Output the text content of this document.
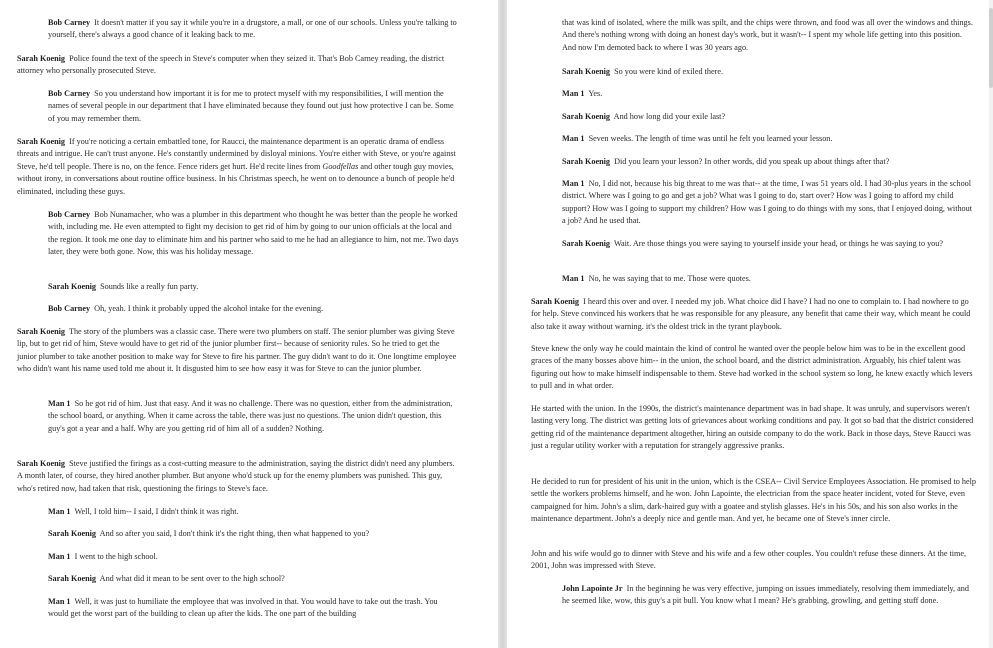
Bob Carney It doesn't matter if you say it while you're in a drugstore, a mall, or one of our schools. Unless you're talking to yourself, there's always a good chance of it leaking back to me.

Sarah Koenig Police found the text of the speech in Steve's computer when they seized it. That's Bob Carney reading, the district attorney who personally prosecuted Steve.

Bob Carney So you understand how important it is for me to protect myself with my responsibilities, I will mention the names of several people in our department that I have eliminated because they found out just how protective I can be. Some of you may remember them.

Sarah Koenig If you're noticing a certain embattled tone, for Raucci, the maintenance department is an operatic drama of endless threats and intrigue. He can't trust anyone. He's constantly undermined by disloyal minions. You're either with Steve, or you're against Steve, he'd tell people. There is no, on the fence. Fence riders get hurt. He'd recite lines from Goodfellas and other tough guy movies, without irony, in conversations about routine office business. In his Christmas speech, he went on to denounce a bunch of people he'd eliminated, including these guys.

Bob Carney Bob Nunamacher, who was a plumber in this department who thought he was better than the people he worked with, including me. He even attempted to fight my decision to get rid of him by going to our union officials at the local and the region. It took me one day to eliminate him and his partner who said to me he had an allegiance to him, not me. Two days later, they were both gone. Now, this was his holiday message.

Sarah Koenig Sounds like a really fun party.

Bob Carney Oh, yeah. I think it probably upped the alcohol intake for the evening.

Sarah Koenig The story of the plumbers was a classic case. There were two plumbers on staff. The senior plumber was giving Steve lip, but to get rid of him, Steve would have to get rid of the junior plumber first-- because of seniority rules. So he tried to get the junior plumber to take another position to make way for Steve to fire his partner. The guy didn't want to do it. One longtime employee who didn't want his name used told me about it. It disgusted him to see how easy it was for Steve to can the junior plumber.

Man 1 So he got rid of him. Just that easy. And it was no challenge. There was no question, either from the administration, the school board, or anything. When it came across the table, there was just no questions. The union didn't question, this guy's got a year and a half. Why are you getting rid of him all of a sudden? Nothing.

Sarah Koenig Steve justified the firings as a cost-cutting measure to the administration, saying the district didn't need any plumbers. A month later, of course, they hired another plumber. But anyone who'd stuck up for the enemy plumbers was punished. This guy, who's retired now, had taken that risk, questioning the firings to Steve's face.

Man 1 Well, I told him-- I said, I didn't think it was right.

Sarah Koenig And so after you said, I don't think it's the right thing, then what happened to you?

Man 1 I went to the high school.

Sarah Koenig And what did it mean to be sent over to the high school?

Man 1 Well, it was just to humiliate the employee that was involved in that. You would have to take out the trash. You would get the worst part of the building to clean up after the kids. The one part of the building

that was kind of isolated, where the milk was spilt, and the chips were thrown, and food was all over the windows and things. And there's nothing wrong with doing an honest day's work, but it wasn't-- I spent my whole life getting into this position. And now I'm demoted back to where I was 30 years ago.

Sarah Koenig So you were kind of exiled there.

Man 1 Yes.

Sarah Koenig And how long did your exile last?

Man 1 Seven weeks. The length of time was until he felt you learned your lesson.

Sarah Koenig Did you learn your lesson? In other words, did you speak up about things after that?

Man 1 No, I did not, because his big threat to me was that-- at the time, I was 51 years old. I had 30-plus years in the school district. Where was I going to go and get a job? What was I going to do, start over? How was I going to afford my child support? How was I going to support my children? How was I going to do things with my sons, that I enjoyed doing, without a job? And he used that.

Sarah Koenig Wait. Are those things you were saying to yourself inside your head, or things he was saying to you?

Man 1 No, he was saying that to me. Those were quotes.

Sarah Koenig I heard this over and over. I needed my job. What choice did I have? I had no one to complain to. I had nowhere to go for help. Steve convinced his workers that he was responsible for any pleasure, any benefit that came their way, which meant he could also take it away without warning. it's the oldest trick in the tyrant playbook.

Steve knew the only way he could maintain the kind of control he wanted over the people below him was to be in the excellent good graces of the many bosses above him-- in the union, the school board, and the district administration. Arguably, his chief talent was figuring out how to make himself indispensable to them. Steve had worked in the school system so long, he knew exactly which levers to pull and in what order.

He started with the union. In the 1990s, the district's maintenance department was in bad shape. It was unruly, and supervisors weren't lasting very long. The district was getting lots of grievances about working conditions and pay. It got so bad that the district considered getting rid of the maintenance department altogether, hiring an outside company to do the work. Back in those days, Steve Raucci was just a regular utility worker with a reputation for strangely aggressive pranks.

He decided to run for president of his unit in the union, which is the CSEA-- Civil Service Employees Association. He promised to help settle the workers problems himself, and he won. John Lapointe, the electrician from the space heater incident, voted for Steve, even campaigned for him. John's a slim, dark-haired guy with a goatee and stylish glasses. He's in his 50s, and his son also works in the maintenance department. John's a deeply nice and gentle man. And yet, he became one of Steve's inner circle.

John and his wife would go to dinner with Steve and his wife and a few other couples. You couldn't refuse these dinners. At the time, 2001, John was impressed with Steve.

John Lapointe Jr In the beginning he was very effective, jumping on issues immediately, resolving them immediately, and he seemed like, wow, this guy's a pit bull. You know what I mean? He's grabbing, growling, and getting stuff done.
